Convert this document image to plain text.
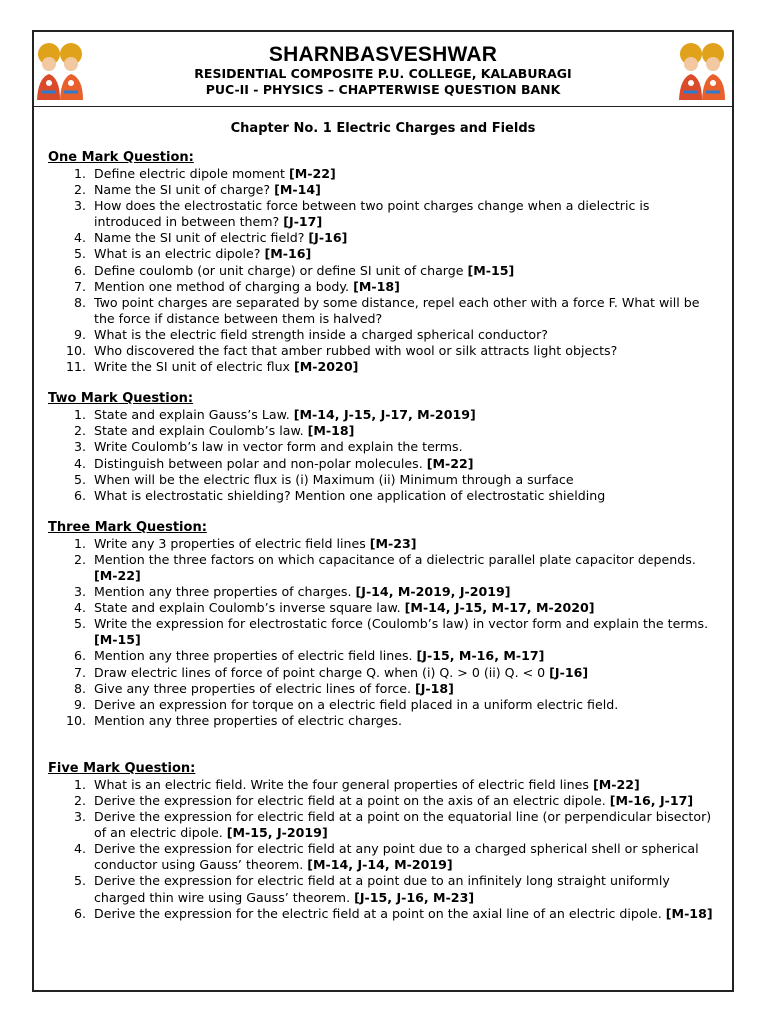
SHARNBASVESHWAR
RESIDENTIAL COMPOSITE P.U. COLLEGE, KALABURAGI
PUC-II - PHYSICS – CHAPTERWISE QUESTION BANK
Chapter No. 1 Electric Charges and Fields
One Mark Question:
1. Define electric dipole moment [M-22]
2. Name the SI unit of charge? [M-14]
3. How does the electrostatic force between two point charges change when a dielectric is introduced in between them? [J-17]
4. Name the SI unit of electric field? [J-16]
5. What is an electric dipole? [M-16]
6. Define coulomb (or unit charge) or define SI unit of charge [M-15]
7. Mention one method of charging a body. [M-18]
8. Two point charges are separated by some distance, repel each other with a force F. What will be the force if distance between them is halved?
9. What is the electric field strength inside a charged spherical conductor?
10. Who discovered the fact that amber rubbed with wool or silk attracts light objects?
11. Write the SI unit of electric flux [M-2020]
Two Mark Question:
1. State and explain Gauss’s Law. [M-14, J-15, J-17, M-2019]
2. State and explain Coulomb’s law. [M-18]
3. Write Coulomb’s law in vector form and explain the terms.
4. Distinguish between polar and non-polar molecules. [M-22]
5. When will be the electric flux is (i) Maximum (ii) Minimum through a surface
6. What is electrostatic shielding? Mention one application of electrostatic shielding
Three Mark Question:
1. Write any 3 properties of electric field lines [M-23]
2. Mention the three factors on which capacitance of a dielectric parallel plate capacitor depends. [M-22]
3. Mention any three properties of charges. [J-14, M-2019, J-2019]
4. State and explain Coulomb’s inverse square law. [M-14, J-15, M-17, M-2020]
5. Write the expression for electrostatic force (Coulomb’s law) in vector form and explain the terms. [M-15]
6. Mention any three properties of electric field lines. [J-15, M-16, M-17]
7. Draw electric lines of force of point charge Q. when (i) Q. > 0 (ii) Q. < 0 [J-16]
8. Give any three properties of electric lines of force. [J-18]
9. Derive an expression for torque on a electric field placed in a uniform electric field.
10. Mention any three properties of electric charges.
Five Mark Question:
1. What is an electric field. Write the four general properties of electric field lines [M-22]
2. Derive the expression for electric field at a point on the axis of an electric dipole. [M-16, J-17]
3. Derive the expression for electric field at a point on the equatorial line (or perpendicular bisector) of an electric dipole. [M-15, J-2019]
4. Derive the expression for electric field at any point due to a charged spherical shell or spherical conductor using Gauss’ theorem. [M-14, J-14, M-2019]
5. Derive the expression for electric field at a point due to an infinitely long straight uniformly charged thin wire using Gauss’ theorem. [J-15, J-16, M-23]
6. Derive the expression for the electric field at a point on the axial line of an electric dipole. [M-18]
